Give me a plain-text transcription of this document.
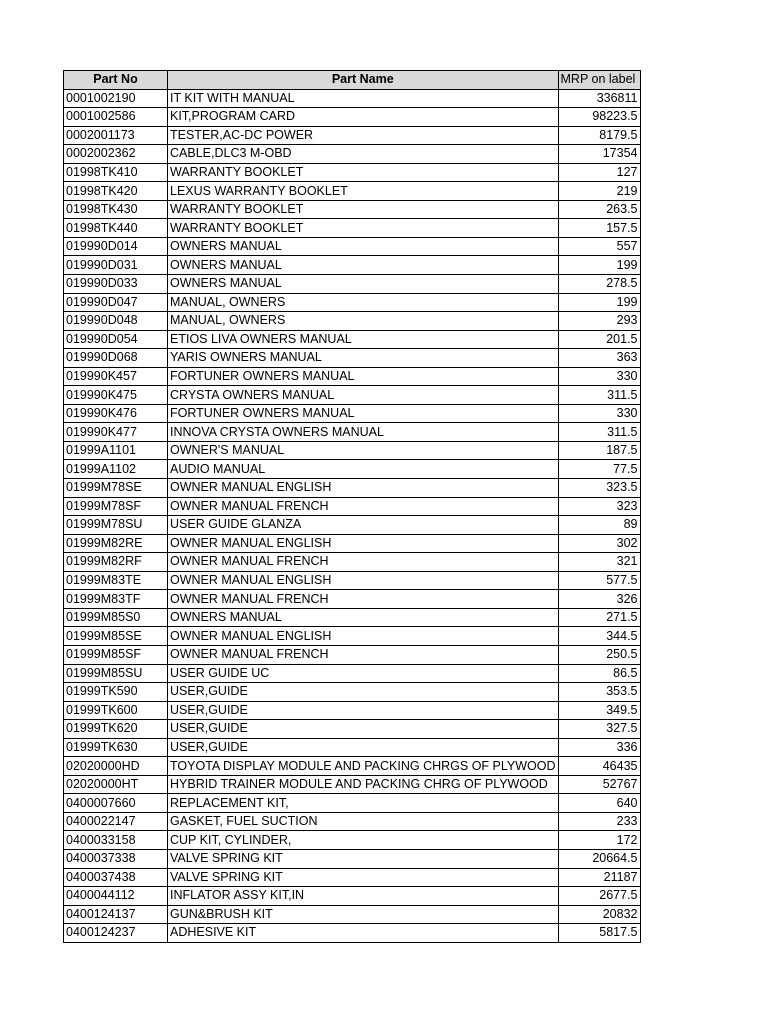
Part No	Part Name	MRP on label
0001002190	IT KIT WITH MANUAL	336811
0001002586	KIT,PROGRAM CARD	98223.5
0002001173	TESTER,AC-DC POWER	8179.5
0002002362	CABLE,DLC3 M-OBD	17354
01998TK410	WARRANTY BOOKLET	127
01998TK420	LEXUS WARRANTY BOOKLET	219
01998TK430	WARRANTY BOOKLET	263.5
01998TK440	WARRANTY BOOKLET	157.5
019990D014	OWNERS MANUAL	557
019990D031	OWNERS MANUAL	199
019990D033	OWNERS MANUAL	278.5
019990D047	MANUAL, OWNERS	199
019990D048	MANUAL, OWNERS	293
019990D054	ETIOS LIVA OWNERS MANUAL	201.5
019990D068	YARIS OWNERS MANUAL	363
019990K457	FORTUNER OWNERS MANUAL	330
019990K475	CRYSTA OWNERS MANUAL	311.5
019990K476	FORTUNER OWNERS MANUAL	330
019990K477	INNOVA CRYSTA OWNERS MANUAL	311.5
01999A1101	OWNER'S MANUAL	187.5
01999A1102	AUDIO MANUAL	77.5
01999M78SE	OWNER MANUAL ENGLISH	323.5
01999M78SF	OWNER MANUAL FRENCH	323
01999M78SU	USER GUIDE GLANZA	89
01999M82RE	OWNER MANUAL ENGLISH	302
01999M82RF	OWNER MANUAL FRENCH	321
01999M83TE	OWNER MANUAL ENGLISH	577.5
01999M83TF	OWNER MANUAL FRENCH	326
01999M85S0	OWNERS MANUAL	271.5
01999M85SE	OWNER MANUAL ENGLISH	344.5
01999M85SF	OWNER MANUAL FRENCH	250.5
01999M85SU	USER GUIDE UC	86.5
01999TK590	USER,GUIDE	353.5
01999TK600	USER,GUIDE	349.5
01999TK620	USER,GUIDE	327.5
01999TK630	USER,GUIDE	336
02020000HD	TOYOTA DISPLAY MODULE AND PACKING CHRGS OF PLYWOOD	46435
02020000HT	HYBRID TRAINER MODULE AND PACKING CHRG OF PLYWOOD	52767
0400007660	REPLACEMENT KIT,	640
0400022147	GASKET, FUEL SUCTION	233
0400033158	CUP KIT, CYLINDER,	172
0400037338	VALVE SPRING KIT	20664.5
0400037438	VALVE SPRING KIT	21187
0400044112	INFLATOR ASSY KIT,IN	2677.5
0400124137	GUN&BRUSH KIT	20832
0400124237	ADHESIVE KIT	5817.5
